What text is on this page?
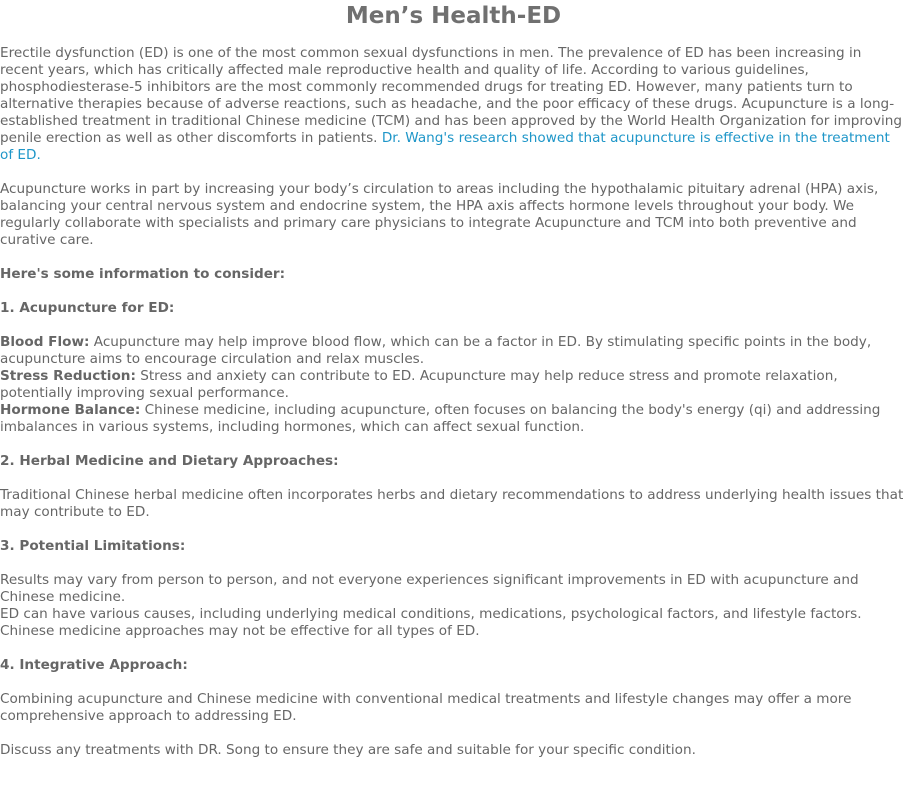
Men’s Health-ED

Erectile dysfunction (ED) is one of the most common sexual dysfunctions in men. The prevalence of ED has been increasing in recent years, which has critically affected male reproductive health and quality of life. According to various guidelines, phosphodiesterase-5 inhibitors are the most commonly recommended drugs for treating ED. However, many patients turn to alternative therapies because of adverse reactions, such as headache, and the poor efficacy of these drugs. Acupuncture is a long-established treatment in traditional Chinese medicine (TCM) and has been approved by the World Health Organization for improving penile erection as well as other discomforts in patients. Dr. Wang's research showed that acupuncture is effective in the treatment of ED.

Acupuncture works in part by increasing your body’s circulation to areas including the hypothalamic pituitary adrenal (HPA) axis, balancing your central nervous system and endocrine system, the HPA axis affects hormone levels throughout your body. We regularly collaborate with specialists and primary care physicians to integrate Acupuncture and TCM into both preventive and curative care.

Here's some information to consider:

1. Acupuncture for ED:

Blood Flow: Acupuncture may help improve blood flow, which can be a factor in ED. By stimulating specific points in the body, acupuncture aims to encourage circulation and relax muscles.
Stress Reduction: Stress and anxiety can contribute to ED. Acupuncture may help reduce stress and promote relaxation, potentially improving sexual performance.
Hormone Balance: Chinese medicine, including acupuncture, often focuses on balancing the body's energy (qi) and addressing imbalances in various systems, including hormones, which can affect sexual function.

2. Herbal Medicine and Dietary Approaches:

Traditional Chinese herbal medicine often incorporates herbs and dietary recommendations to address underlying health issues that may contribute to ED.

3. Potential Limitations:

Results may vary from person to person, and not everyone experiences significant improvements in ED with acupuncture and Chinese medicine.
ED can have various causes, including underlying medical conditions, medications, psychological factors, and lifestyle factors. Chinese medicine approaches may not be effective for all types of ED.

4. Integrative Approach:

Combining acupuncture and Chinese medicine with conventional medical treatments and lifestyle changes may offer a more comprehensive approach to addressing ED.

Discuss any treatments with DR. Song to ensure they are safe and suitable for your specific condition.
